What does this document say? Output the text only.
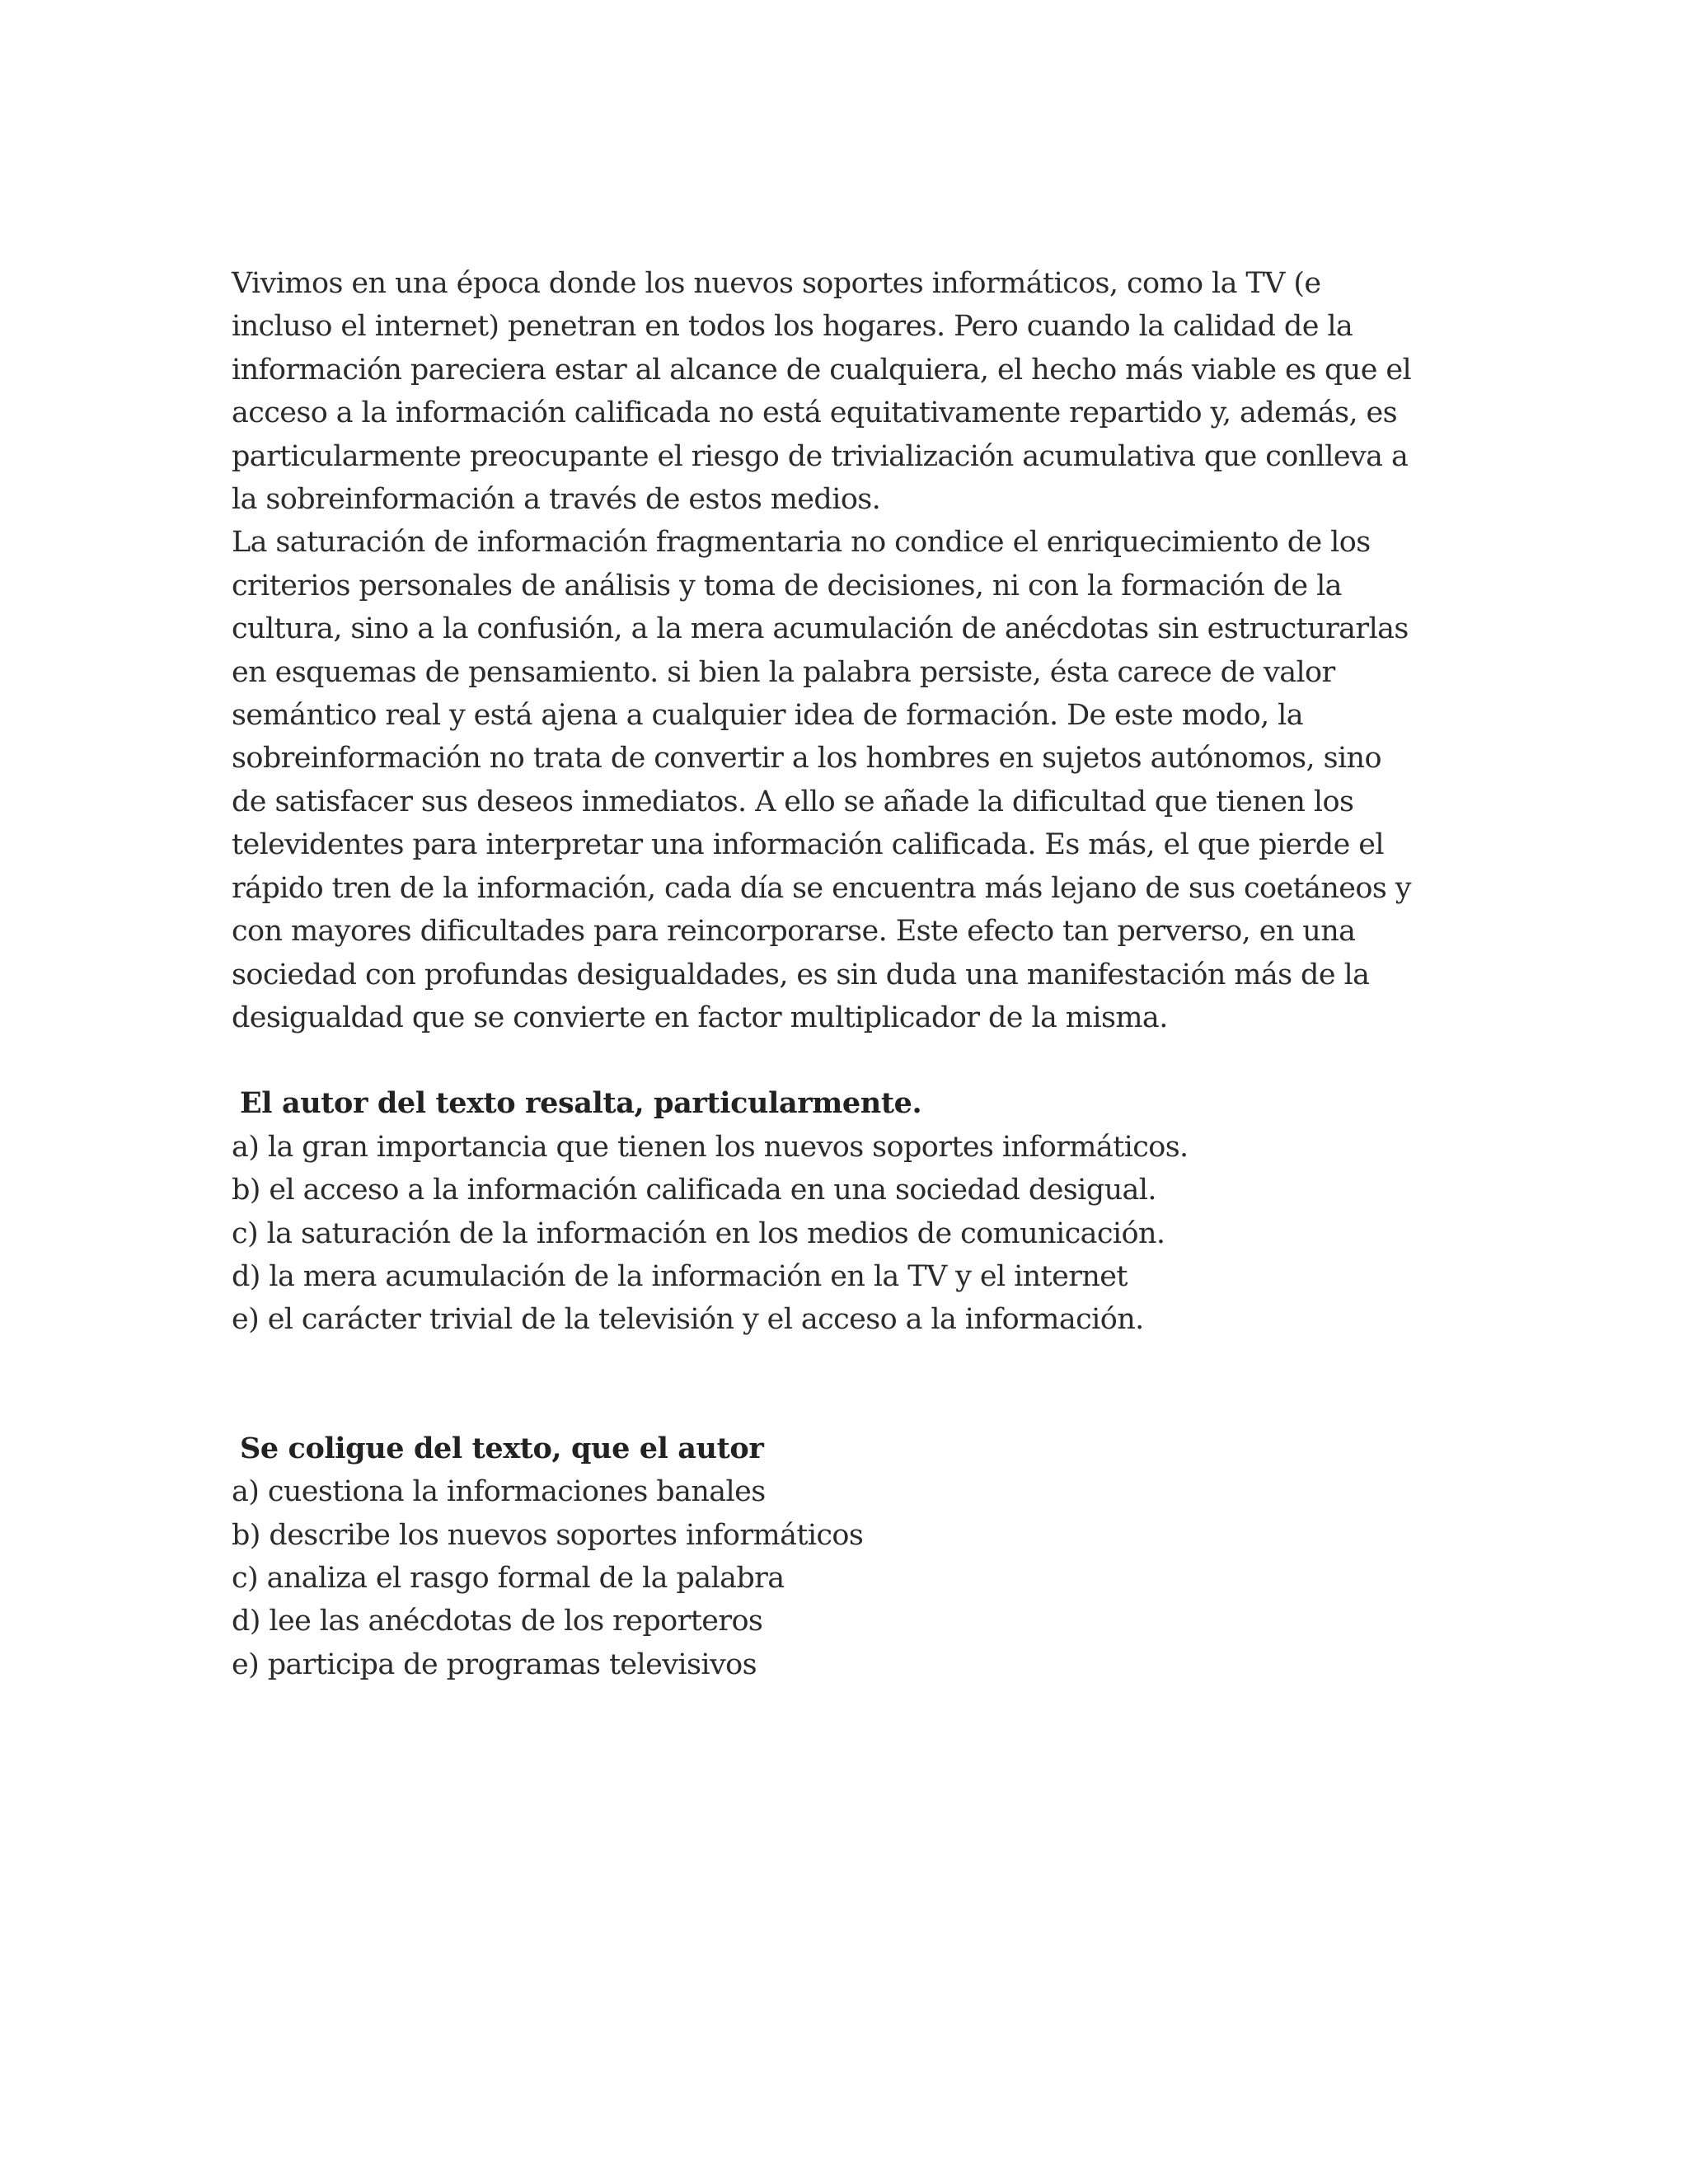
Vivimos en una época donde los nuevos soportes informáticos, como la TV (e
incluso el internet) penetran en todos los hogares. Pero cuando la calidad de la
información pareciera estar al alcance de cualquiera, el hecho más viable es que el
acceso a la información calificada no está equitativamente repartido y, además, es
particularmente preocupante el riesgo de trivialización acumulativa que conlleva a
la sobreinformación a través de estos medios.
La saturación de información fragmentaria no condice el enriquecimiento de los
criterios personales de análisis y toma de decisiones, ni con la formación de la
cultura, sino a la confusión, a la mera acumulación de anécdotas sin estructurarlas
en esquemas de pensamiento. si bien la palabra persiste, ésta carece de valor
semántico real y está ajena a cualquier idea de formación. De este modo, la
sobreinformación no trata de convertir a los hombres en sujetos autónomos, sino
de satisfacer sus deseos inmediatos. A ello se añade la dificultad que tienen los
televidentes para interpretar una información calificada. Es más, el que pierde el
rápido tren de la información, cada día se encuentra más lejano de sus coetáneos y
con mayores dificultades para reincorporarse. Este efecto tan perverso, en una
sociedad con profundas desigualdades, es sin duda una manifestación más de la
desigualdad que se convierte en factor multiplicador de la misma.
El autor del texto resalta, particularmente.
a) la gran importancia que tienen los nuevos soportes informáticos.
b) el acceso a la información calificada en una sociedad desigual.
c) la saturación de la información en los medios de comunicación.
d) la mera acumulación de la información en la TV y el internet
e) el carácter trivial de la televisión y el acceso a la información.
Se coligue del texto, que el autor
a) cuestiona la informaciones banales
b) describe los nuevos soportes informáticos
c) analiza el rasgo formal de la palabra
d) lee las anécdotas de los reporteros
e) participa de programas televisivos
